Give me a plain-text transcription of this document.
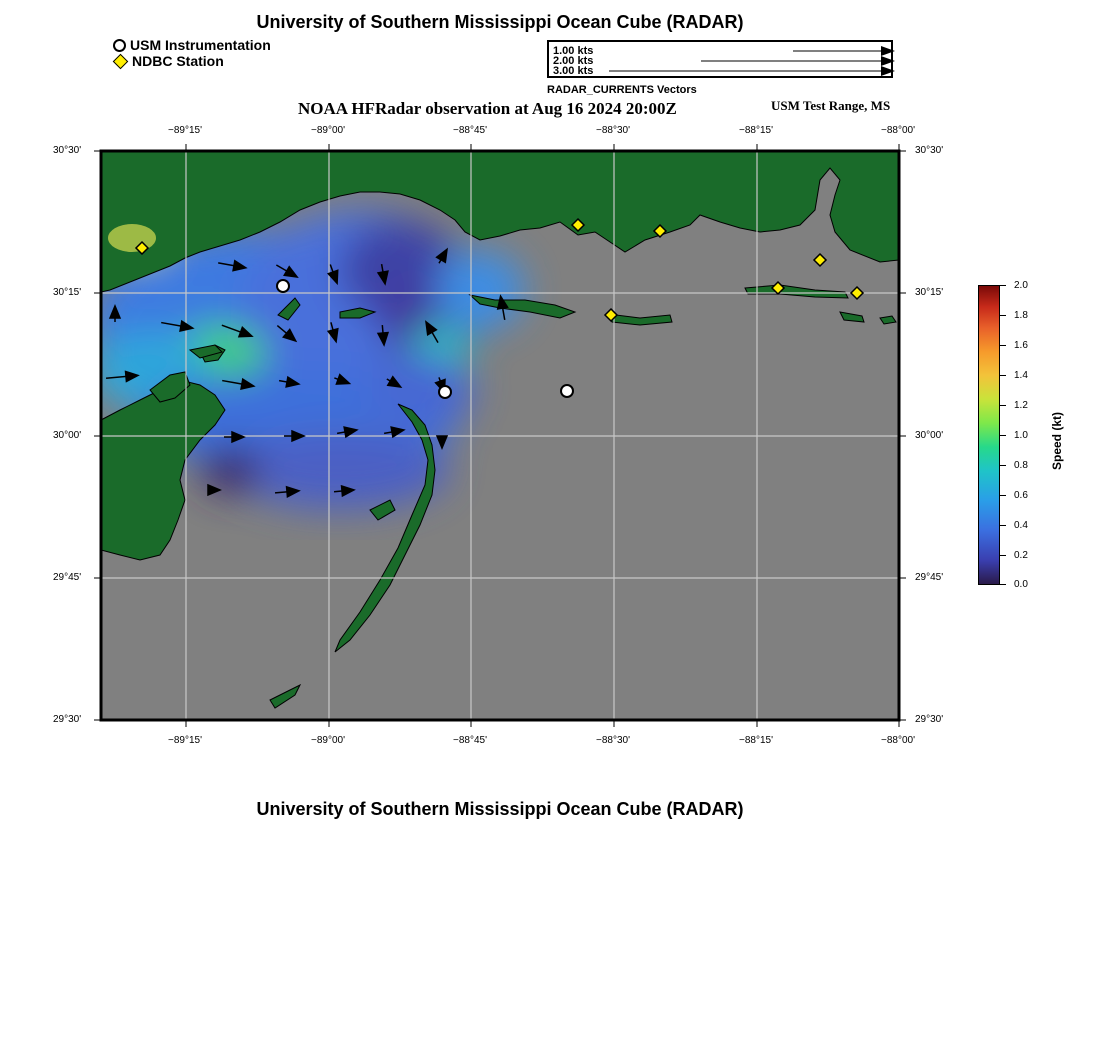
University of Southern Mississippi Ocean Cube (RADAR)
USM Instrumentation
NDBC Station
1.00 kts
2.00 kts
3.00 kts
RADAR_CURRENTS Vectors
NOAA HFRadar observation at Aug 16 2024 20:00Z	USM Test Range, MS
−89°15'	−89°00'	−88°45'	−88°30'	−88°15'	−88°00'
−89°15'	−89°00'	−88°45'	−88°30'	−88°15'	−88°00'
30°30'
30°15'
30°00'
29°45'
29°30'
30°30'
30°15'
30°00'
29°45'
29°30'
2.0
1.8
1.6
1.4
1.2
1.0
0.8
0.6
0.4
0.2
0.0
Speed (kt)
University of Southern Mississippi Ocean Cube (RADAR)
